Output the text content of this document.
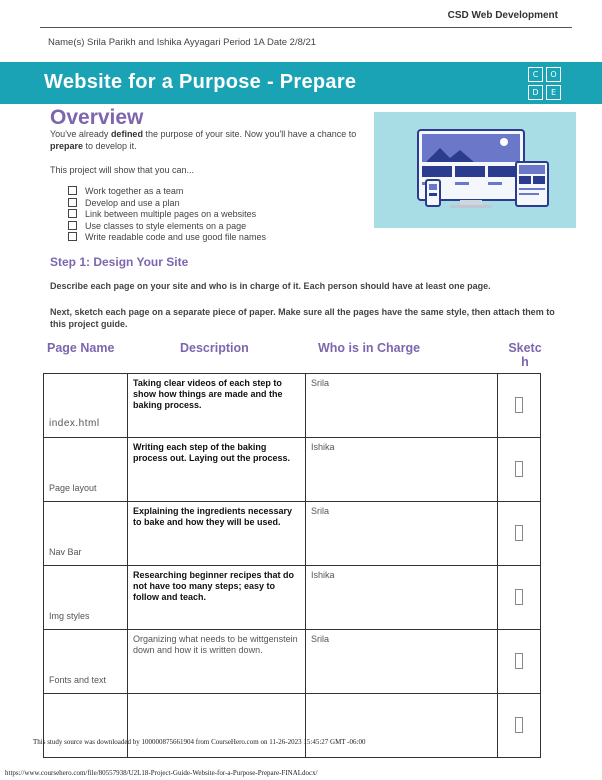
CSD Web Development
Name(s) Srila Parikh and Ishika Ayyagari Period 1A Date 2/8/21
Website for a Purpose - Prepare	C	O
D	E
Overview
You've already defined the purpose of your site. Now you'll have a chance to prepare to develop it.
This project will show that you can...
Work together as a team
Develop and use a plan
Link between multiple pages on a websites
Use classes to style elements on a page
Write readable code and use good file names
Step 1: Design Your Site
Describe each page on your site and who is in charge of it. Each person should have at least one page.
Next, sketch each page on a separate piece of paper. Make sure all the pages have the same style, then attach them to this project guide.
Page Name	Description	Who is in Charge	Sketc h
index.html	Taking clear videos of each step to show how things are made and the baking process.	Srila	
Page layout	Writing each step of the baking process out. Laying out the process.	Ishika	
Nav Bar	Explaining the ingredients necessary to bake and how they will be used.	Srila	
Img styles	Researching beginner recipes that do not have too many steps; easy to follow and teach.	Ishika	
Fonts and text	Organizing what needs to be wittgenstein down and how it is written down.	Srila	

This study source was downloaded by 100000875661904 from CourseHero.com on 11-26-2023 15:45:27 GMT -06:00
https://www.coursehero.com/file/80557938/U2L18-Project-Guide-Website-for-a-Purpose-Prepare-FINALdocx/
